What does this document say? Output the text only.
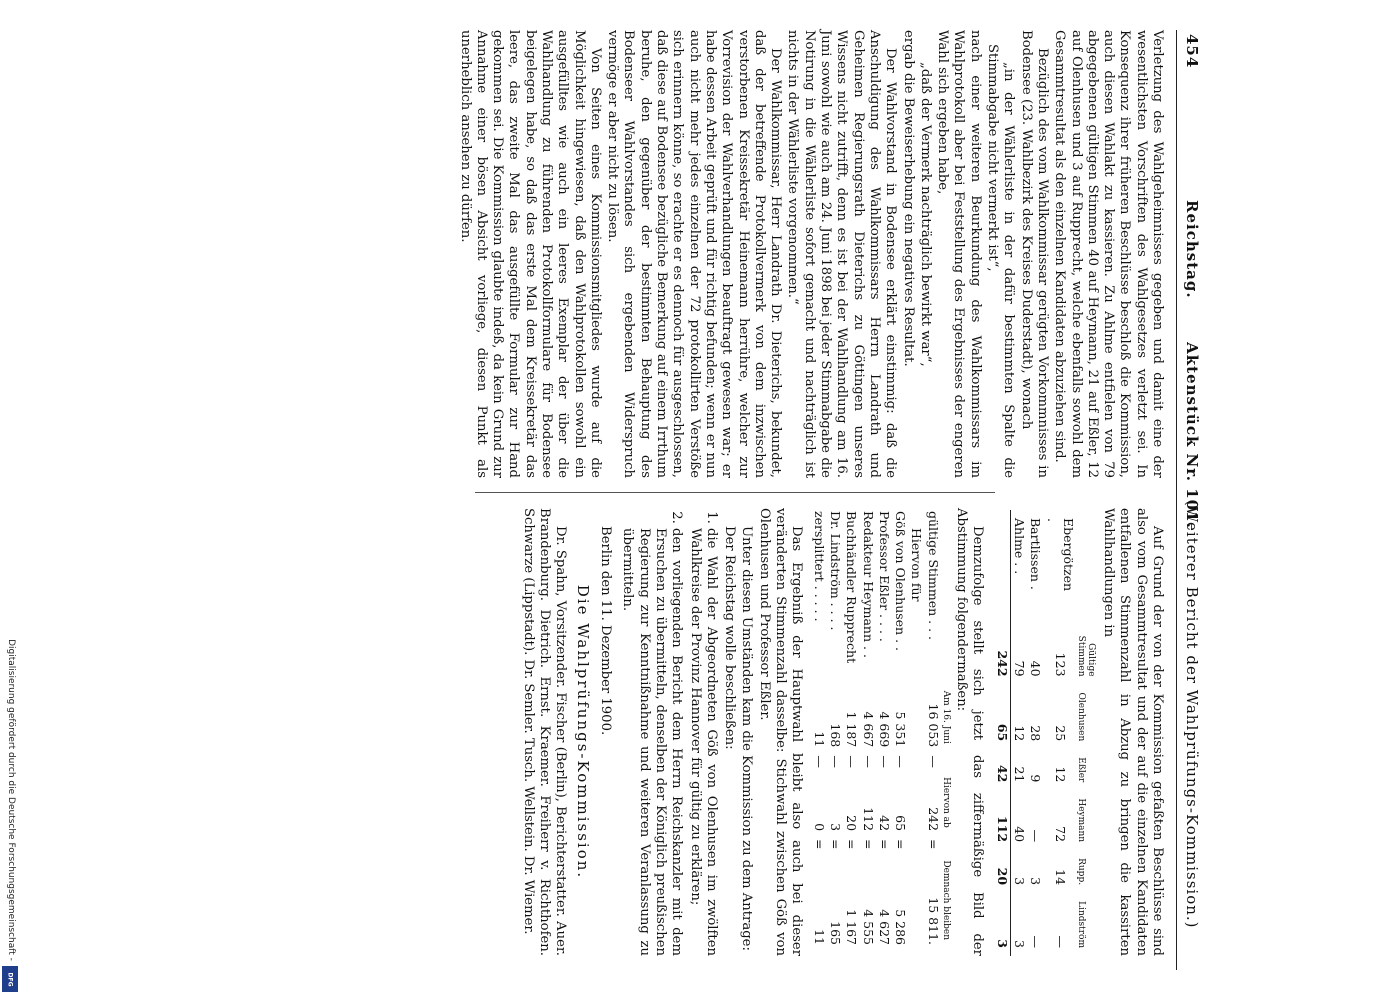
454
Reichstag.       Aktenstück Nr. 101.
(Weiterer Bericht der Wahlprüfungs-Kommission.)

Verletzung des Wahlgeheimnisses gegeben und damit eine der wesentlichsten Vorschriften des Wahlgesetzes verletzt sei. In Konsequenz ihrer früheren Beschlüsse beschloß die Kommission, auch diesen Wahlakt zu kassieren. Zu Ahlme entfielen von 79 abgegebenen gültigen Stimmen 40 auf Heymann, 21 auf Eßler, 12 auf Olenhusen und 3 auf Rupprecht, welche ebenfalls sowohl dem Gesammtresultat als den einzelnen Kandidaten abzuziehen sind.

Bezüglich des vom Wahlkommissar gerügten Vorkommnisses in Bodensee (23. Wahlbezirk des Kreises Duderstadt), wonach

„in der Wählerliste in der dafür bestimmten Spalte die Stimmabgabe nicht vermerkt ist“,

nach einer weiteren Beurkundung des Wahlkommissars im Wahlprotokoll aber bei Feststellung des Ergebnisses der engeren Wahl sich ergeben habe,

„daß der Vermerk nachträglich bewirkt war“,

ergab die Beweiserhebung ein negatives Resultat.

Der Wahlvorstand in Bodensee erklärt einstimmig: daß die Anschuldigung des Wahlkommissars Herrn Landrath und Geheimen Regierungsrath Dieterichs zu Göttingen unseres Wissens nicht zutrifft, denn es ist bei der Wahlhandlung am 16. Juni sowohl wie auch am 24. Juni 1898 bei jeder Stimmabgabe die Notirung in die Wählerliste sofort gemacht und nachträglich ist nichts in der Wählerliste vorgenommen.“

Der Wahlkommissar, Herr Landrath Dr. Dieterichs, bekundet, daß der betreffende Protokollvermerk von dem inzwischen verstorbenen Kreissekretär Heinemann herrühre, welcher zur Vorrevision der Wahlverhandlungen beauftragt gewesen war; er habe dessen Arbeit geprüft und für richtig befunden; wenn er nun auch nicht mehr jedes einzelnen der 72 protokollirten Verstöße sich erinnern könne, so erachte er es dennoch für ausgeschlossen, daß diese auf Bodensee bezügliche Bemerkung auf einem Irrthum beruhe, den gegenüber der bestimmten Behauptung des Bodenseer Wahlvorstandes sich ergebenden Widerspruch vermöge er aber nicht zu lösen.

Von Seiten eines Kommissionsmitgliedes wurde auf die Möglichkeit hingewiesen, daß den Wahlprotokollen sowohl ein ausgefülltes wie auch ein leeres Exemplar der über die Wahlhandlung zu führenden Protokollformulare für Bodensee beigelegen habe, so daß das erste Mal dem Kreissekretär das leere, das zweite Mal das ausgefüllte Formular zur Hand gekommen sei. Die Kommission glaubte indeß, da kein Grund zur Annahme einer bösen Absicht vorliege, diesen Punkt als unerheblich ansehen zu dürfen.

Auf Grund der von der Kommission gefaßten Beschlüsse sind also vom Gesammtresultat und der auf die einzelnen Kandidaten entfallenen Stimmenzahl in Abzug zu bringen die kassirten Wahlhandlungen in

	Gültige Stimmen	Olenhusen	Eßler	Heymann	Rupp.	Lindström
Ebergötzen .	123	25	12	72	14	—
Bartlissen .	40	28	9	—	3	—
Ahlme . .	79	12	21	40	3	3
	242	65	42	112	20	3

Demzufolge stellt sich jetzt das ziffermäßige Bild der Abstimmung folgendermaßen:

	Am 16. Juni		Hiervon ab		Demnach bleiben
gültige Stimmen . . .	16 053	—	242	=	15 811.
Hiervon für					
Göß von Olenhusen . .	5 351	—	65	=	5 286
Professor Eßler . . . .	4 669	—	42	=	4 627
Redakteur Heymann . .	4 667	—	112	=	4 555
Buchhändler Rupprecht	1 187	—	20	=	1 167
Dr. Lindström . . . .	168	—	3	=	165
zersplittert . . . . .	11	—	0	=	11

Das Ergebniß der Hauptwahl bleibt also auch bei dieser veränderten Stimmenzahl dasselbe: Stichwahl zwischen Göß von Olenhusen und Professor Eßler.

Unter diesen Umständen kam die Kommission zu dem Antrage:

Der Reichstag wolle beschließen:

1. die Wahl der Abgeordneten Göß von Olenhusen im zwölften Wahlkreise der Provinz Hannover für gültig zu erklären;
2. den vorliegenden Bericht dem Herrn Reichskanzler mit dem Ersuchen zu übermitteln, denselben der Königlich preußischen Regierung zur Kenntnißnahme und weiteren Veranlassung zu übermitteln.

Berlin den 11. Dezember 1900.

Die Wahlprüfungs-Kommission.

Dr. Spahn, Vorsitzender. Fischer (Berlin), Berichterstatter. Auer. Brandenburg. Dietrich. Ernst. Kraemer. Freiherr v. Richthofen. Schwarze (Lippstadt). Dr. Semler. Tusch. Wellstein. Dr. Wiemer.

Digitalisierung gefördert durch die Deutsche Forschungsgemeinschaft -
DFG
